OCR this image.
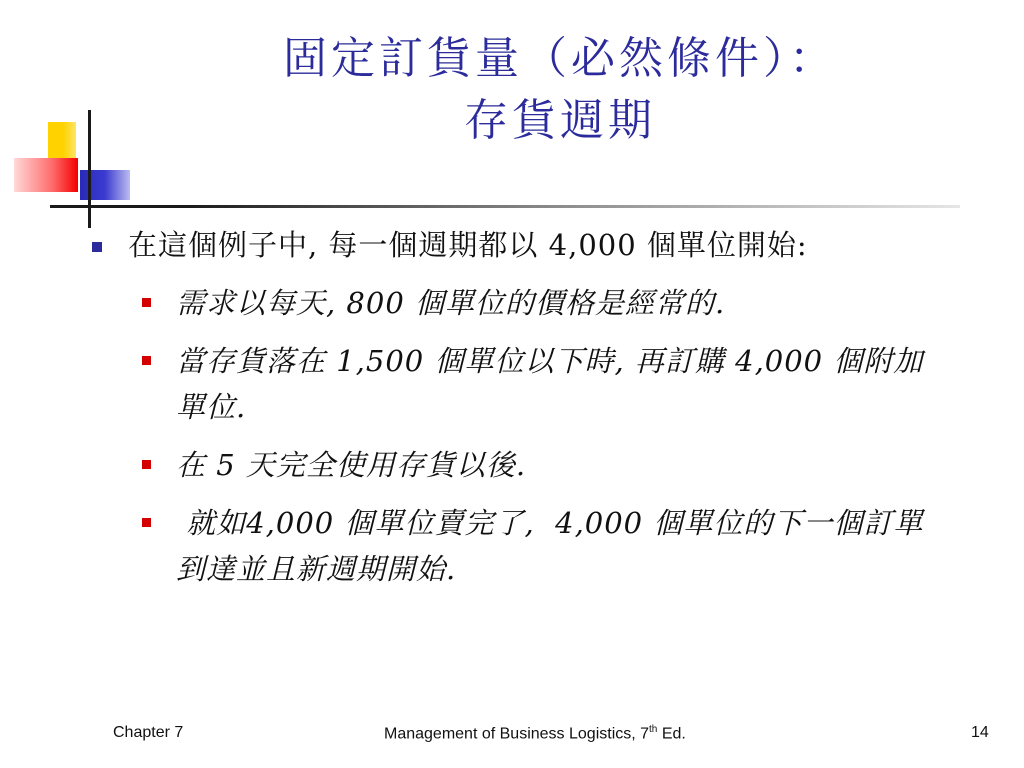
固定訂貨量（必然條件）：
存貨週期
在這個例子中, 每一個週期都以 4,000 個單位開始:
需求以每天, 800 個單位的價格是經常的.
當存貨落在 1,500 個單位以下時, 再訂購 4,000 個附加單位.
在 5 天完全使用存貨以後.
就如4,000 個單位賣完了,  4,000 個單位的下一個訂單到達並且新週期開始.
Chapter 7	Management of Business Logistics, 7th Ed.	14
